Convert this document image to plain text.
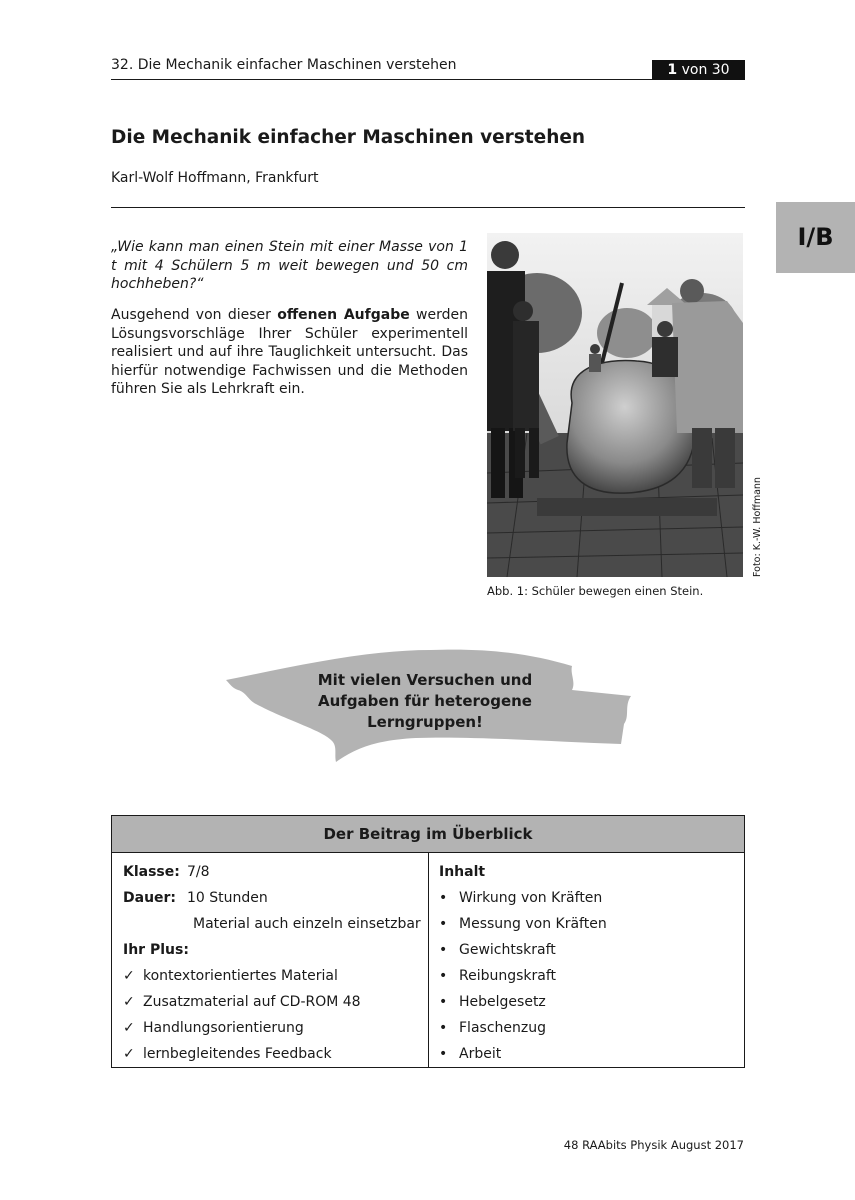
32. Die Mechanik einfacher Maschinen verstehen	1 von 30
I/B
Die Mechanik einfacher Maschinen verstehen
Karl-Wolf Hoffmann, Frankfurt
„Wie kann man einen Stein mit einer Masse von 1 t mit 4 Schülern 5 m weit bewegen und 50 cm hochheben?“
Ausgehend von dieser offenen Aufgabe werden Lösungsvorschläge Ihrer Schüler experimentell realisiert und auf ihre Tauglichkeit untersucht. Das hierfür notwendige Fachwissen und die Methoden führen Sie als Lehrkraft ein.
Foto: K.-W. Hoffmann
Abb. 1: Schüler bewegen einen Stein.
Mit vielen Versuchen und
Aufgaben für heterogene
Lerngruppen!
Der Beitrag im Überblick
Klasse: 7/8
Dauer: 10 Stunden
Material auch einzeln einsetzbar
Ihr Plus:
✓ kontextorientiertes Material
✓ Zusatzmaterial auf CD-ROM 48
✓ Handlungsorientierung
✓ lernbegleitendes Feedback
Inhalt
• Wirkung von Kräften
• Messung von Kräften
• Gewichtskraft
• Reibungskraft
• Hebelgesetz
• Flaschenzug
• Arbeit
48 RAAbits Physik August 2017
